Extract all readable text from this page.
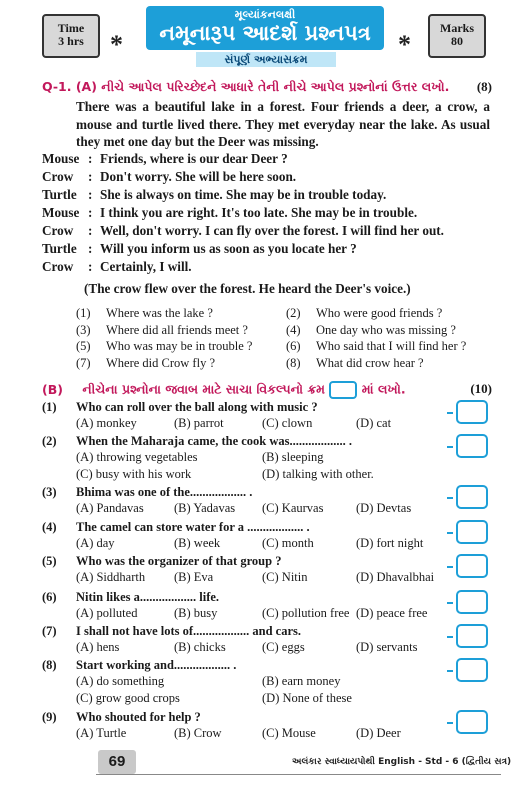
Time
3 hrs	*
મૂલ્યાંકનલક્ષી
નમૂનારૂપ આદર્શ પ્રશ્નપત્ર
સંપૂર્ણ અભ્યાસક્રમ
*
Marks
80
Q-1. (A) નીચે આપેલ પરિચ્છેદને આધારે તેની નીચે આપેલ પ્રશ્નોનાં ઉત્તર લખો. (8)
There was a beautiful lake in a forest. Four friends a deer, a crow, a mouse and turtle lived there. They met everyday near the lake. As usual they met one day but the Deer was missing.
Mouse : Friends, where is our dear Deer ?
Crow : Don't worry. She will be here soon.
Turtle : She is always on time. She may be in trouble today.
Mouse : I think you are right. It's too late. She may be in trouble.
Crow : Well, don't worry. I can fly over the forest. I will find her out.
Turtle : Will you inform us as soon as you locate her ?
Crow : Certainly, I will.
(The crow flew over the forest. He heard the Deer's voice.)
(1)	Where was the lake ?	(2)	Who were good friends ?
(3)	Where did all friends meet ?	(4)	One day who was missing ?
(5)	Who was may be in trouble ?	(6)	Who said that I will find her ?
(7)	Where did Crow fly ?	(8)	What did crow hear ?
(B) નીચેના પ્રશ્નોના જવાબ માટે સાચા વિકલ્પનો ક્રમ	માં લખો.	(10)
(1)	Who can roll over the ball along with music ?
(A) monkey	(B) parrot	(C) clown	(D) cat
(2)	When the Maharaja came, the cook was.................. .
(A) throwing vegetables	(B) sleeping
(C) busy with his work	(D) talking with other.
(3)	Bhima was one of the.................. .
(A) Pandavas (B) Yadavas (C) Kaurvas	(D) Devtas
(4)	The camel can store water for a .................. .
(A) day	(B) week	(C) month	(D) fort night
(5)	Who was the organizer of that group ?
(A) Siddharth (B) Eva	(C) Nitin	(D) Dhavalbhai
(6)	Nitin likes a.................. life.
(A) polluted	(B) busy	(C) pollution free (D) peace free
(7)	I shall not have lots of.................. and cars.
(A) hens	(B) chicks	(C) eggs	(D) servants
(8)	Start working and.................. .
(A) do something	(B) earn money
(C) grow good crops	(D) None of these
(9)	Who shouted for help ?
(A) Turtle	(B) Crow	(C) Mouse	(D) Deer
69	અલંકાર સ્વાધ્યાયપોથી English - Std - 6 (દ્વિતીય સત્ર)
